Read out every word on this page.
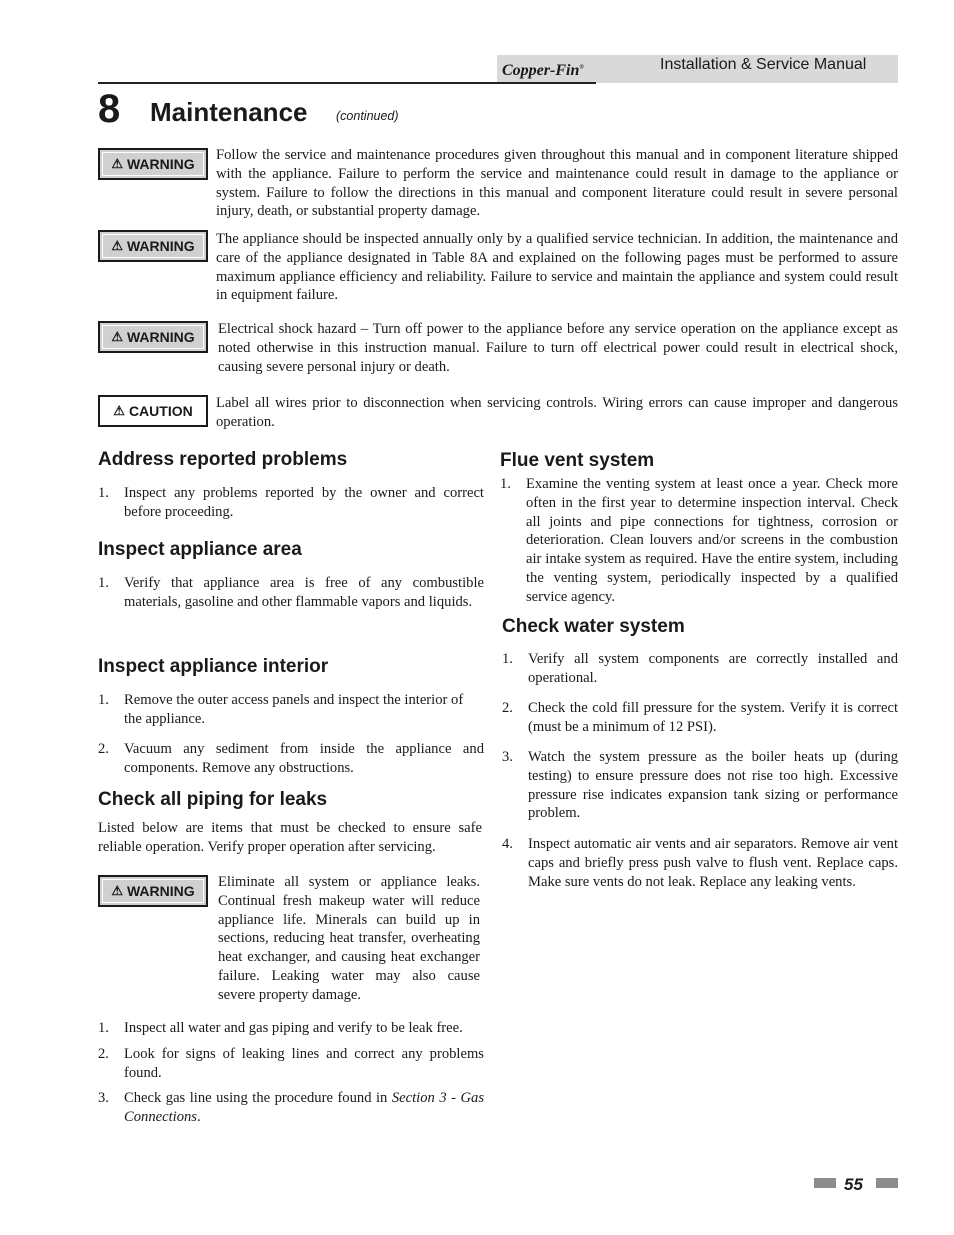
Copper-Fin®	Installation & Service Manual
8 Maintenance (continued)
⚠ WARNING
Follow the service and maintenance procedures given throughout this manual and in component literature shipped with the appliance. Failure to perform the service and maintenance could result in damage to the appliance or system. Failure to follow the directions in this manual and component literature could result in severe personal injury, death, or substantial property damage.
⚠ WARNING The appliance should be inspected annually only by a qualified service technician. In addition, the maintenance and care of the appliance designated in Table 8A and explained on the following pages must be performed to assure maximum appliance efficiency and reliability. Failure to service and maintain the appliance and system could result in equipment failure.
⚠ WARNING Electrical shock hazard – Turn off power to the appliance before any service operation on the appliance except as noted otherwise in this instruction manual. Failure to turn off electrical power could result in electrical shock, causing severe personal injury or death.
⚠ CAUTION Label all wires prior to disconnection when servicing controls. Wiring errors can cause improper and dangerous operation.
Address reported problems
1. Inspect any problems reported by the owner and correct before proceeding.
Inspect appliance area
1. Verify that appliance area is free of any combustible materials, gasoline and other flammable vapors and liquids.
Inspect appliance interior
1. Remove the outer access panels and inspect the interior of the appliance.
2. Vacuum any sediment from inside the appliance and components. Remove any obstructions.
Check all piping for leaks
Listed below are items that must be checked to ensure safe reliable operation. Verify proper operation after servicing.
⚠ WARNING
Eliminate all system or appliance leaks. Continual fresh makeup water will reduce appliance life. Minerals can build up in sections, reducing heat transfer, overheating heat exchanger, and causing heat exchanger failure. Leaking water may also cause severe property damage.
1. Inspect all water and gas piping and verify to be leak free.
2. Look for signs of leaking lines and correct any problems found.
3. Check gas line using the procedure found in Section 3 - Gas Connections.
Flue vent system
1. Examine the venting system at least once a year. Check more often in the first year to determine inspection interval. Check all joints and pipe connections for tightness, corrosion or deterioration. Clean louvers and/or screens in the combustion air intake system as required. Have the entire system, including the venting system, periodically inspected by a qualified service agency.
Check water system
1. Verify all system components are correctly installed and operational.
2. Check the cold fill pressure for the system. Verify it is correct (must be a minimum of 12 PSI).
3. Watch the system pressure as the boiler heats up (during testing) to ensure pressure does not rise too high. Excessive pressure rise indicates expansion tank sizing or performance problem.
4. Inspect automatic air vents and air separators. Remove air vent caps and briefly press push valve to flush vent. Replace caps. Make sure vents do not leak. Replace any leaking vents.
55
